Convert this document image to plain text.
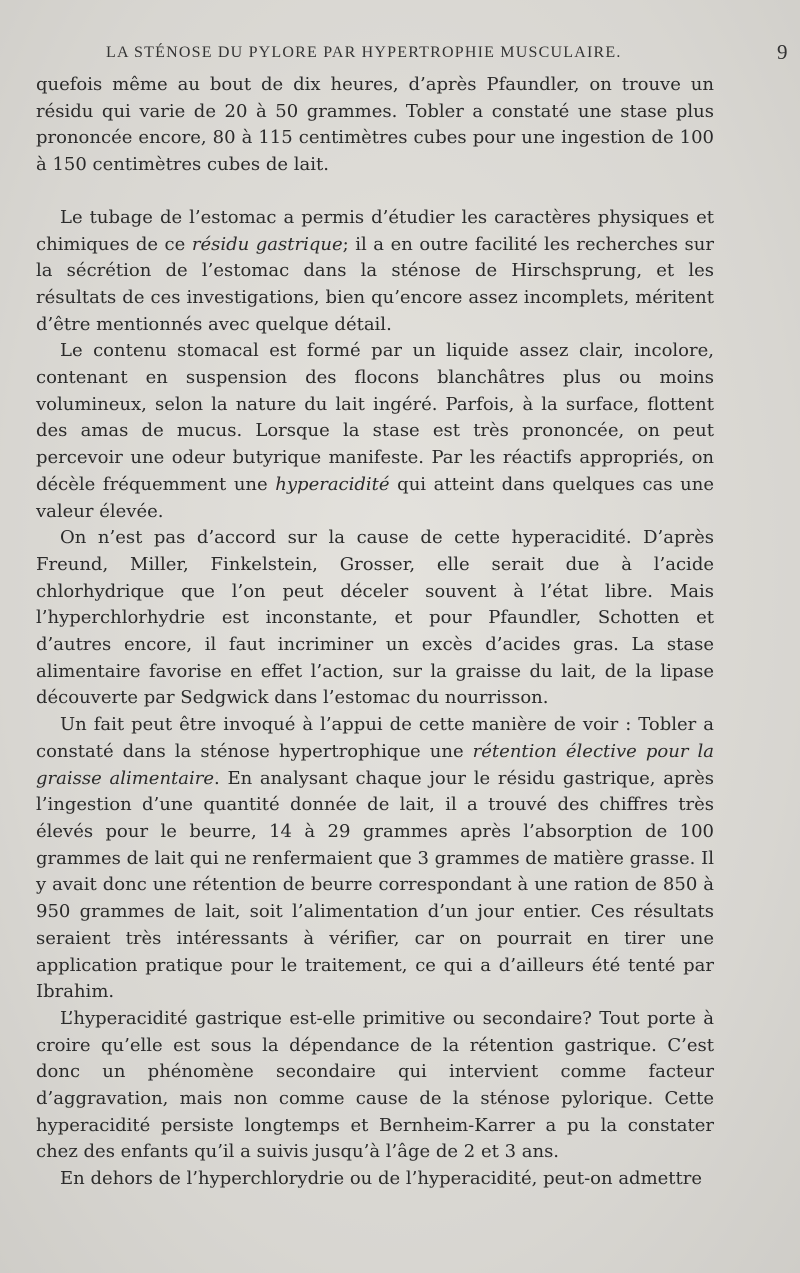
LA STÉNOSE DU PYLORE PAR HYPERTROPHIE MUSCULAIRE.	9

quefois même au bout de dix heures, d’après Pfaundler, on trouve un résidu qui varie de 20 à 50 grammes. Tobler a constaté une stase plus prononcée encore, 80 à 115 centimètres cubes pour une ingestion de 100 à 150 centimètres cubes de lait.

Le tubage de l’estomac a permis d’étudier les caractères physiques et chimiques de ce résidu gastrique; il a en outre facilité les recherches sur la sécrétion de l’estomac dans la sténose de Hirschsprung, et les résultats de ces investigations, bien qu’encore assez incomplets, méritent d’être mentionnés avec quelque détail.

Le contenu stomacal est formé par un liquide assez clair, incolore, contenant en suspension des flocons blanchâtres plus ou moins volumineux, selon la nature du lait ingéré. Parfois, à la surface, flottent des amas de mucus. Lorsque la stase est très prononcée, on peut percevoir une odeur butyrique manifeste. Par les réactifs appropriés, on décèle fréquemment une hyperacidité qui atteint dans quelques cas une valeur élevée.

On n’est pas d’accord sur la cause de cette hyperacidité. D’après Freund, Miller, Finkelstein, Grosser, elle serait due à l’acide chlorhydrique que l’on peut déceler souvent à l’état libre. Mais l’hyperchlorhydrie est inconstante, et pour Pfaundler, Schotten et d’autres encore, il faut incriminer un excès d’acides gras. La stase alimentaire favorise en effet l’action, sur la graisse du lait, de la lipase découverte par Sedgwick dans l’estomac du nourrisson.

Un fait peut être invoqué à l’appui de cette manière de voir : Tobler a constaté dans la sténose hypertrophique une rétention élective pour la graisse alimentaire. En analysant chaque jour le résidu gastrique, après l’ingestion d’une quantité donnée de lait, il a trouvé des chiffres très élevés pour le beurre, 14 à 29 grammes après l’absorption de 100 grammes de lait qui ne renfermaient que 3 grammes de matière grasse. Il y avait donc une rétention de beurre correspondant à une ration de 850 à 950 grammes de lait, soit l’alimentation d’un jour entier. Ces résultats seraient très intéressants à vérifier, car on pourrait en tirer une application pratique pour le traitement, ce qui a d’ailleurs été tenté par Ibrahim.

L’hyperacidité gastrique est-elle primitive ou secondaire? Tout porte à croire qu’elle est sous la dépendance de la rétention gastrique. C’est donc un phénomène secondaire qui intervient comme facteur d’aggravation, mais non comme cause de la sténose pylorique. Cette hyperacidité persiste longtemps et Bernheim-Karrer a pu la constater chez des enfants qu’il a suivis jusqu’à l’âge de 2 et 3 ans.

En dehors de l’hyperchlorydrie ou de l’hyperacidité, peut-on admettre
